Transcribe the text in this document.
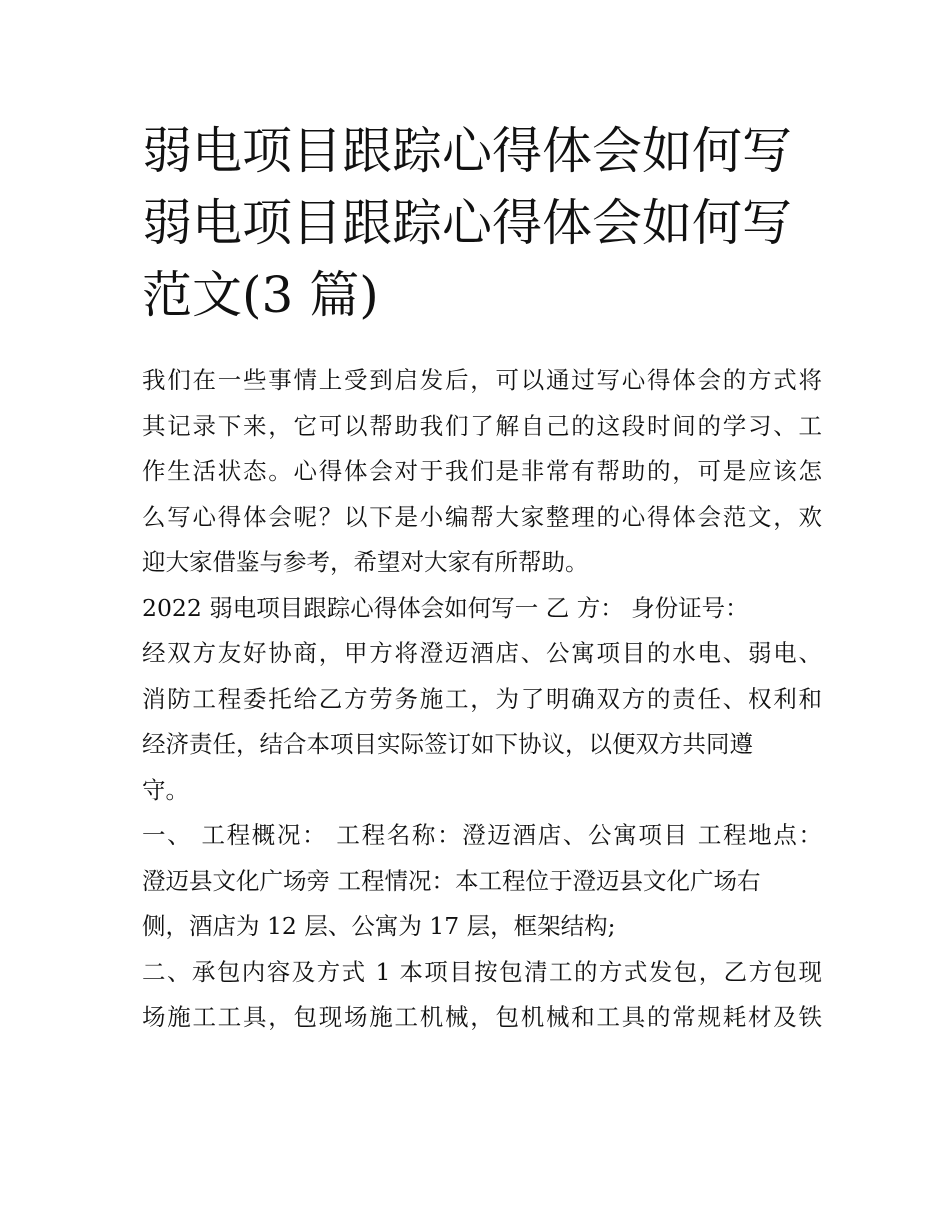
弱电项目跟踪心得体会如何写
弱电项目跟踪心得体会如何写
范文(3 篇)
我们在一些事情上受到启发后，可以通过写心得体会的方式将
其记录下来，它可以帮助我们了解自己的这段时间的学习、工
作生活状态。心得体会对于我们是非常有帮助的，可是应该怎
么写心得体会呢？以下是小编帮大家整理的心得体会范文，欢
迎大家借鉴与参考，希望对大家有所帮助。
2022 弱电项目跟踪心得体会如何写一 乙 方： 身份证号：
经双方友好协商，甲方将澄迈酒店、公寓项目的水电、弱电、
消防工程委托给乙方劳务施工，为了明确双方的责任、权利和
经济责任，结合本项目实际签订如下协议，以便双方共同遵
守。
一、 工程概况： 工程名称：澄迈酒店、公寓项目 工程地点：
澄迈县文化广场旁 工程情况：本工程位于澄迈县文化广场右
侧，酒店为 12 层、公寓为 17 层，框架结构;
二、承包内容及方式 1 本项目按包清工的方式发包，乙方包现
场施工工具，包现场施工机械，包机械和工具的常规耗材及铁
